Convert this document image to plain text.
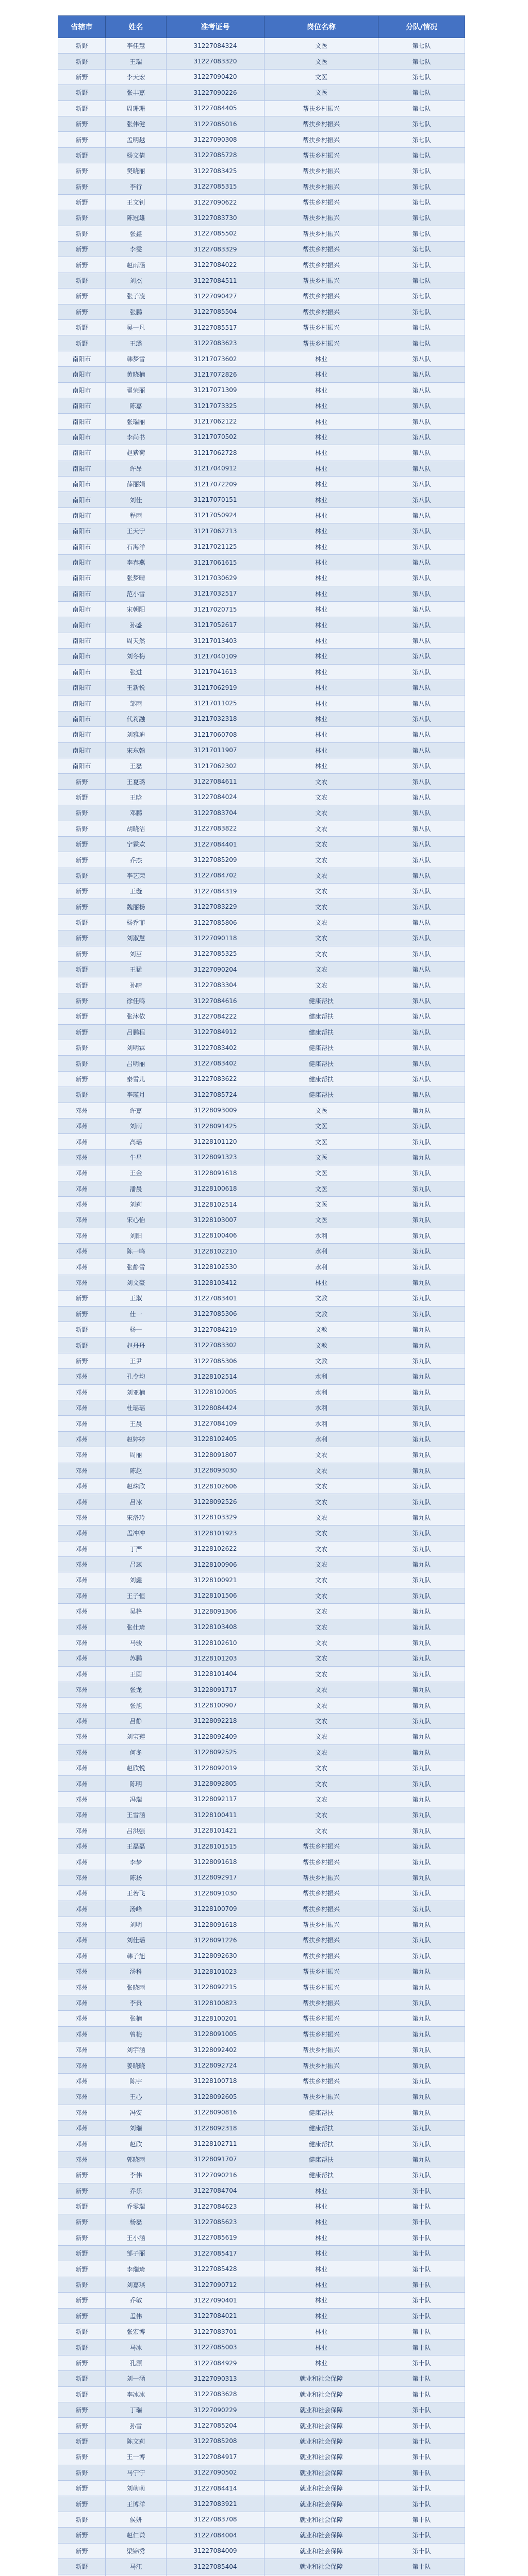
省辖市	姓名	准考证号	岗位名称	分队/情况
新野	李佳慧	31227084324	文医	第七队
新野	王瑞	31227083320	文医	第七队
新野	李天宏	31227090420	文医	第七队
新野	张丰嘉	31227090226	文医	第七队
新野	周珊珊	31227084405	帮扶乡村振兴	第七队
新野	张伟健	31227085016	帮扶乡村振兴	第七队
新野	孟明越	31227090308	帮扶乡村振兴	第七队
新野	杨文倩	31227085728	帮扶乡村振兴	第七队
新野	樊晓丽	31227083425	帮扶乡村振兴	第七队
新野	李行	31227085315	帮扶乡村振兴	第七队
新野	王文钊	31227090622	帮扶乡村振兴	第七队
新野	陈冠雄	31227083730	帮扶乡村振兴	第七队
新野	张鑫	31227085502	帮扶乡村振兴	第七队
新野	李雯	31227083329	帮扶乡村振兴	第七队
新野	赵雨涵	31227084022	帮扶乡村振兴	第七队
新野	刘杰	31227084511	帮扶乡村振兴	第七队
新野	张子凌	31227090427	帮扶乡村振兴	第七队
新野	张鹏	31227085504	帮扶乡村振兴	第七队
新野	吴一凡	31227085517	帮扶乡村振兴	第七队
新野	王璐	31227083623	帮扶乡村振兴	第七队
南阳市	韩梦雪	31217073602	林业	第八队
南阳市	黄晓楠	31217072826	林业	第八队
南阳市	翟荣丽	31217071309	林业	第八队
南阳市	陈嘉	31217073325	林业	第八队
南阳市	张瑞丽	31217062122	林业	第八队
南阳市	李尚书	31217070502	林业	第八队
南阳市	赵紫荷	31217062728	林业	第八队
南阳市	许昂	31217040912	林业	第八队
南阳市	薛丽娟	31217072209	林业	第八队
南阳市	刘佳	31217070151	林业	第八队
南阳市	程雨	31217050924	林业	第八队
南阳市	王天宁	31217062713	林业	第八队
南阳市	石海洋	31217021125	林业	第八队
南阳市	李春燕	31217061615	林业	第八队
南阳市	张梦晴	31217030629	林业	第八队
南阳市	范小雪	31217032517	林业	第八队
南阳市	宋朝阳	31217020715	林业	第八队
南阳市	孙盛	31217052617	林业	第八队
南阳市	周天然	31217013403	林业	第八队
南阳市	刘冬梅	31217040109	林业	第八队
南阳市	张进	31217041613	林业	第八队
南阳市	王新悦	31217062919	林业	第八队
南阳市	邹雨	31217011025	林业	第八队
南阳市	代莉融	31217032318	林业	第八队
南阳市	刘雅迪	31217060708	林业	第八队
南阳市	宋东翰	31217011907	林业	第八队
南阳市	王磊	31217062302	林业	第八队
新野	王夏璐	31227084611	文农	第八队
新野	王晗	31227084024	文农	第八队
新野	邓鹏	31227083704	文农	第八队
新野	胡晓洁	31227083822	文农	第八队
新野	宁霖欢	31227084401	文农	第八队
新野	乔杰	31227085209	文农	第八队
新野	李艺荣	31227084702	文农	第八队
新野	王璇	31227084319	文农	第八队
新野	魏丽杨	31227083229	文农	第八队
新野	杨乔菲	31227085806	文农	第八队
新野	刘淑慧	31227090118	文农	第八队
新野	刘茁	31227085325	文农	第八队
新野	王猛	31227090204	文农	第八队
新野	孙晴	31227083304	文农	第八队
新野	徐佳鸣	31227084616	健康帮扶	第八队
新野	张沐依	31227084222	健康帮扶	第八队
新野	吕鹏程	31227084912	健康帮扶	第八队
新野	刘明霖	31227083402	健康帮扶	第八队
新野	吕明丽	31227083402	健康帮扶	第八队
新野	秦雪儿	31227083622	健康帮扶	第八队
新野	李瑾月	31227085724	健康帮扶	第八队
邓州	许嘉	31228093009	文医	第九队
邓州	刘雨	31228091425	文医	第九队
邓州	高瑶	31228101120	文医	第九队
邓州	牛星	31228091323	文医	第九队
邓州	王金	31228091618	文医	第九队
邓州	潘晨	31228100618	文医	第九队
邓州	刘莉	31228102514	文医	第九队
邓州	宋心怡	31228103007	文医	第九队
邓州	刘阳	31228100406	水利	第九队
邓州	陈一鸣	31228102210	水利	第九队
邓州	张静雪	31228102530	水利	第九队
邓州	刘文豪	31228103412	林业	第九队
新野	王淑	31227083401	文教	第九队
新野	仕一	31227085306	文教	第九队
新野	杨一	31227084219	文教	第九队
新野	赵丹丹	31227083302	文教	第九队
新野	王尹	31227085306	文教	第九队
邓州	孔令均	31228102514	水利	第九队
邓州	刘亚楠	31228102005	水利	第九队
邓州	杜瑶瑶	31228084424	水利	第九队
邓州	王晨	31227084109	水利	第九队
邓州	赵婷婷	31228102405	水利	第九队
邓州	周丽	31228091807	文农	第九队
邓州	陈赵	31228093030	文农	第九队
邓州	赵珠欣	31228102606	文农	第九队
邓州	吕冰	31228092526	文农	第九队
邓州	宋洛玲	31228103329	文农	第九队
邓州	孟冲冲	31228101923	文农	第九队
邓州	丁严	31228102622	文农	第九队
邓州	吕蕊	31228100906	文农	第九队
邓州	刘鑫	31228100921	文农	第九队
邓州	王子恒	31228101506	文农	第九队
邓州	吴格	31228091306	文农	第九队
邓州	张仕琦	31228103408	文农	第九队
邓州	马骏	31228102610	文农	第九队
邓州	苏鹏	31228101203	文农	第九队
邓州	王圆	31228101404	文农	第九队
邓州	张龙	31228091717	文农	第九队
邓州	张旭	31228100907	文农	第九队
邓州	吕静	31228092218	文农	第九队
邓州	刘宝莲	31228092409	文农	第九队
邓州	何冬	31228092525	文农	第九队
邓州	赵欣悦	31228092019	文农	第九队
邓州	陈明	31228092805	文农	第九队
邓州	冯瑞	31228092117	文农	第九队
邓州	王雪涵	31228100411	文农	第九队
邓州	吕洪强	31228101421	文农	第九队
邓州	王磊磊	31228101515	帮扶乡村振兴	第九队
邓州	李梦	31228091618	帮扶乡村振兴	第九队
邓州	陈扬	31228092917	帮扶乡村振兴	第九队
邓州	王若飞	31228091030	帮扶乡村振兴	第九队
邓州	汤峰	31228100709	帮扶乡村振兴	第九队
邓州	刘明	31228091618	帮扶乡村振兴	第九队
邓州	刘佳瑶	31228091226	帮扶乡村振兴	第九队
邓州	韩子旭	31228092630	帮扶乡村振兴	第九队
邓州	汤科	31228101023	帮扶乡村振兴	第九队
邓州	张晓雨	31228092215	帮扶乡村振兴	第九队
邓州	李贵	31228100823	帮扶乡村振兴	第九队
邓州	张楠	31228100201	帮扶乡村振兴	第九队
邓州	曾梅	31228091005	帮扶乡村振兴	第九队
邓州	刘宇涵	31228092402	帮扶乡村振兴	第九队
邓州	姜晓晓	31228092724	帮扶乡村振兴	第九队
邓州	陈宇	31228100718	帮扶乡村振兴	第九队
邓州	王心	31228092605	帮扶乡村振兴	第九队
邓州	冯安	31228090816	健康帮扶	第九队
邓州	刘瑞	31228092318	健康帮扶	第九队
邓州	赵欣	31228102711	健康帮扶	第九队
邓州	郭晓雨	31228091707	健康帮扶	第九队
新野	李伟	31227090216	健康帮扶	第九队
新野	乔乐	31227084704	林业	第十队
新野	乔零瑞	31227084623	林业	第十队
新野	杨磊	31227085623	林业	第十队
新野	王小涵	31227085619	林业	第十队
新野	邹子丽	31227085417	林业	第十队
新野	李瑞琦	31227085428	林业	第十队
新野	刘嘉琪	31227090712	林业	第十队
新野	乔敏	31227090401	林业	第十队
新野	孟伟	31227084021	林业	第十队
新野	张宏博	31227083701	林业	第十队
新野	马冰	31227085003	林业	第十队
新野	孔源	31227084929	林业	第十队
新野	刘一涵	31227090313	就业和社会保障	第十队
新野	李冰冰	31227083628	就业和社会保障	第十队
新野	丁瑞	31227090229	就业和社会保障	第十队
新野	孙雪	31227085204	就业和社会保障	第十队
新野	陈文莉	31227085208	就业和社会保障	第十队
新野	王一博	31227084917	就业和社会保障	第十队
新野	马宁宁	31227090502	就业和社会保障	第十队
新野	刘萌萌	31227084414	就业和社会保障	第十队
新野	王博洋	31227083921	就业和社会保障	第十队
新野	侯妍	31227083708	就业和社会保障	第十队
新野	赵仁谦	31227084004	就业和社会保障	第十队
新野	梁锦秀	31227084009	就业和社会保障	第十队
新野	马江	31227085404	就业和社会保障	第十队
